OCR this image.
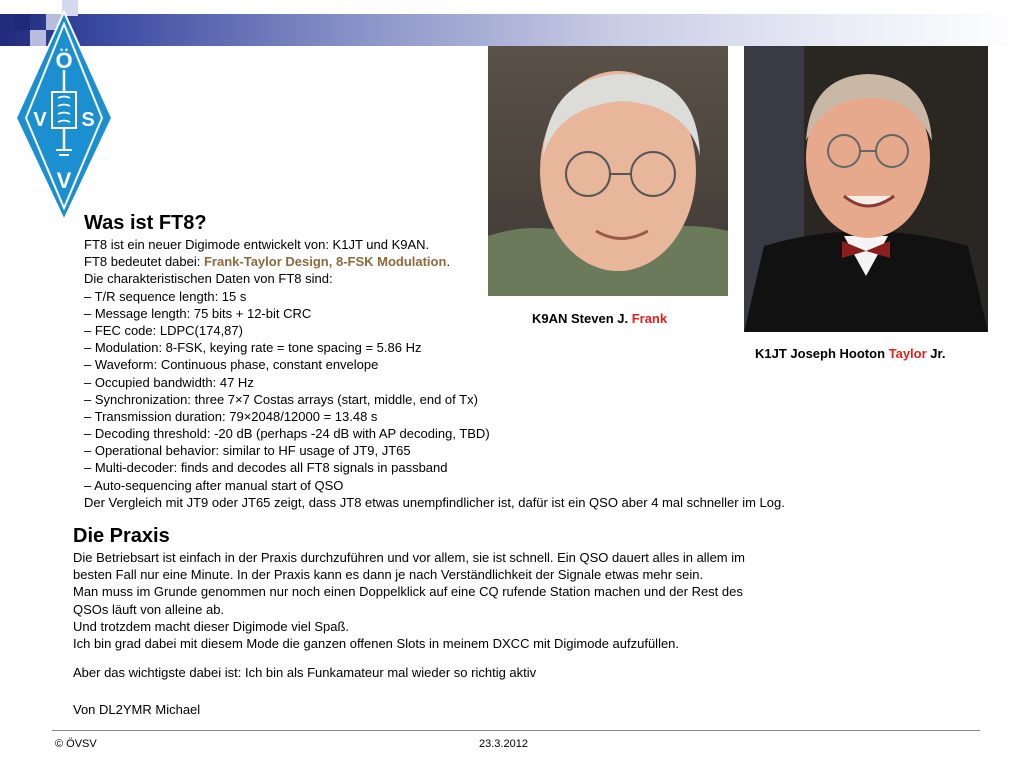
Ö
V S
V
K9AN Steven J. Frank
K1JT Joseph Hooton Taylor Jr.
Was ist FT8?
FT8 ist ein neuer Digimode entwickelt von: K1JT und K9AN.
FT8 bedeutet dabei: Frank-Taylor Design, 8-FSK Modulation.
Die charakteristischen Daten von FT8 sind:
– T/R sequence length: 15 s
– Message length: 75 bits + 12-bit CRC
– FEC code: LDPC(174,87)
– Modulation: 8-FSK, keying rate = tone spacing = 5.86 Hz
– Waveform: Continuous phase, constant envelope
– Occupied bandwidth: 47 Hz
– Synchronization: three 7×7 Costas arrays (start, middle, end of Tx)
– Transmission duration: 79×2048/12000 = 13.48 s
– Decoding threshold: -20 dB (perhaps -24 dB with AP decoding, TBD)
– Operational behavior: similar to HF usage of JT9, JT65
– Multi-decoder: finds and decodes all FT8 signals in passband
– Auto-sequencing after manual start of QSO
Der Vergleich mit JT9 oder JT65 zeigt, dass JT8 etwas unempfindlicher ist, dafür ist ein QSO aber 4 mal schneller im Log.
Die Praxis
Die Betriebsart ist einfach in der Praxis durchzuführen und vor allem, sie ist schnell. Ein QSO dauert alles in allem im
besten Fall nur eine Minute. In der Praxis kann es dann je nach Verständlichkeit der Signale etwas mehr sein.
Man muss im Grunde genommen nur noch einen Doppelklick auf eine CQ rufende Station machen und der Rest des
QSOs läuft von alleine ab.
Und trotzdem macht dieser Digimode viel Spaß.
Ich bin grad dabei mit diesem Mode die ganzen offenen Slots in meinem DXCC mit Digimode aufzufüllen.
Aber das wichtigste dabei ist: Ich bin als Funkamateur mal wieder so richtig aktiv
Von DL2YMR Michael
© ÖVSV	23.3.2012
